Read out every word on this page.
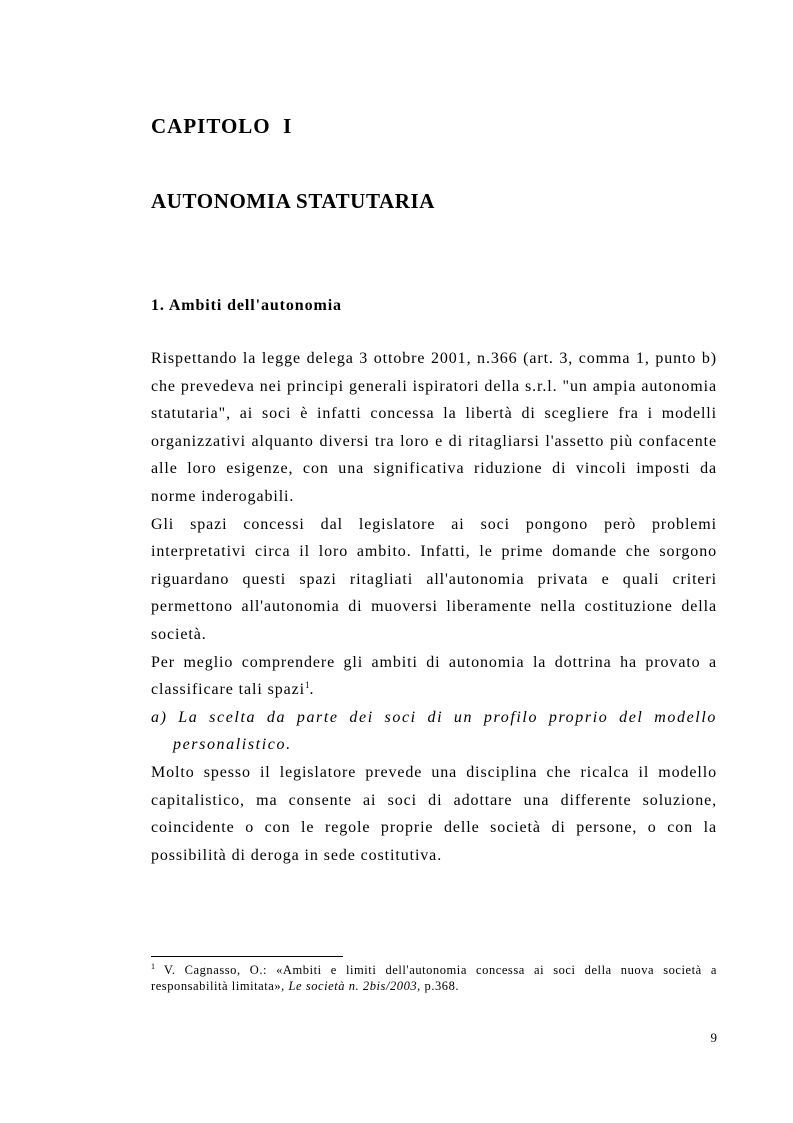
CAPITOLO  I
AUTONOMIA STATUTARIA
1. Ambiti dell'autonomia

Rispettando la legge delega 3 ottobre 2001, n.366 (art. 3, comma 1, punto b) che prevedeva nei principi generali ispiratori della s.r.l. "un ampia autonomia statutaria", ai soci è infatti concessa la libertà di scegliere fra i modelli organizzativi alquanto diversi tra loro e di ritagliarsi l'assetto più confacente alle loro esigenze, con una significativa riduzione di vincoli imposti da norme inderogabili.

Gli spazi concessi dal legislatore ai soci pongono però problemi interpretativi circa il loro ambito. Infatti, le prime domande che sorgono riguardano questi spazi ritagliati all'autonomia privata e quali criteri permettono all'autonomia di muoversi liberamente nella costituzione della società.

Per meglio comprendere gli ambiti di autonomia la dottrina ha provato a classificare tali spazi$^1$.

a) La scelta da parte dei soci di un profilo proprio del modello personalistico.

Molto spesso il legislatore prevede una disciplina che ricalca il modello capitalistico, ma consente ai soci di adottare una differente soluzione, coincidente o con le regole proprie delle società di persone, o con la possibilità di deroga in sede costitutiva.

$^1$ V. Cagnasso, O.: «Ambiti e limiti dell'autonomia concessa ai soci della nuova società a responsabilità limitata», Le società n. 2bis/2003, p.368.

9
